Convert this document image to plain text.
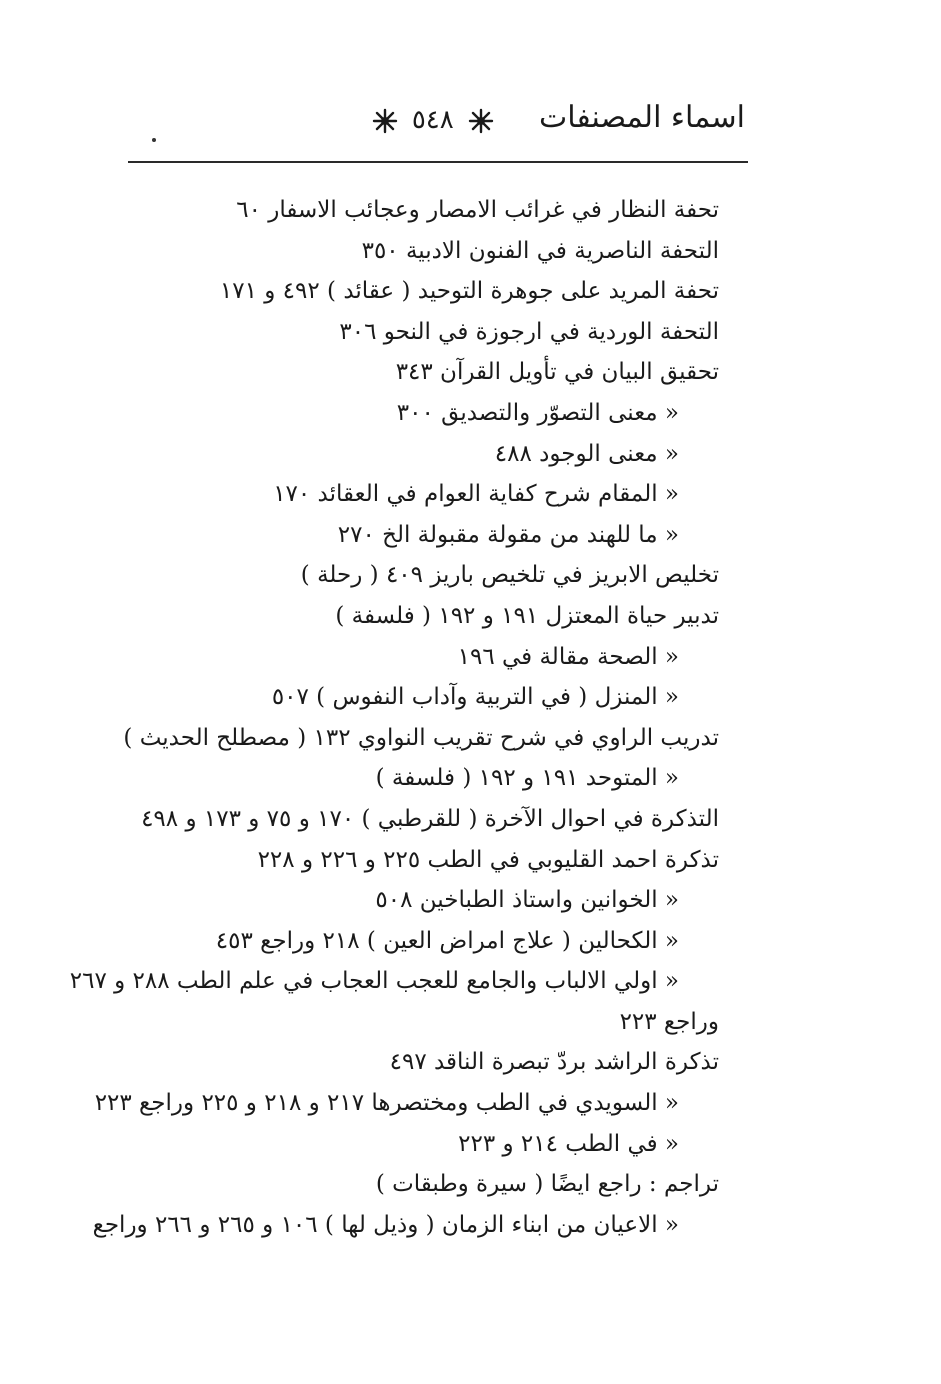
اسماء المصنفات
٥٤٨
تحفة النظار في غرائب الامصار وعجائب الاسفار ٦٠
التحفة الناصرية في الفنون الادبية ٣٥٠
تحفة المريد على جوهرة التوحيد ( عقائد ) ٤٩٢ و ١٧١
التحفة الوردية في ارجوزة في النحو ٣٠٦
تحقيق البيان في تأويل القرآن ٣٤٣
« معنى التصوّر والتصديق ٣٠٠
« معنى الوجود ٤٨٨
« المقام شرح كفاية العوام في العقائد ١٧٠
« ما للهند من مقولة مقبولة الخ ٢٧٠
تخليص الابريز في تلخيص باريز ٤٠٩ ( رحلة )
تدبير حياة المعتزل ١٩١ و ١٩٢ ( فلسفة )
« الصحة مقالة في ١٩٦
« المنزل ( في التربية وآداب النفوس ) ٥٠٧
تدريب الراوي في شرح تقريب النواوي ١٣٢ ( مصطلح الحديث )
« المتوحد ١٩١ و ١٩٢ ( فلسفة )
التذكرة في احوال الآخرة ( للقرطبي ) ١٧٠ و ٧٥ و ١٧٣ و ٤٩٨
تذكرة احمد القليوبي في الطب ٢٢٥ و ٢٢٦ و ٢٢٨
« الخوانين واستاذ الطباخين ٥٠٨
« الكحالين ( علاج امراض العين ) ٢١٨ وراجع ٤٥٣
« اولي الالباب والجامع للعجب العجاب في علم الطب ٢٨٨ و ٢٦٧
وراجع ٢٢٣
تذكرة الراشد بردّ تبصرة الناقد ٤٩٧
« السويدي في الطب ومختصرها ٢١٧ و ٢١٨ و ٢٢٥ وراجع ٢٢٣
« في الطب ٢١٤ و ٢٢٣
تراجم : راجع ايضًا ( سيرة وطبقات )
« الاعيان من ابناء الزمان ( وذيل لها ) ١٠٦ و ٢٦٥ و ٢٦٦ وراجع
